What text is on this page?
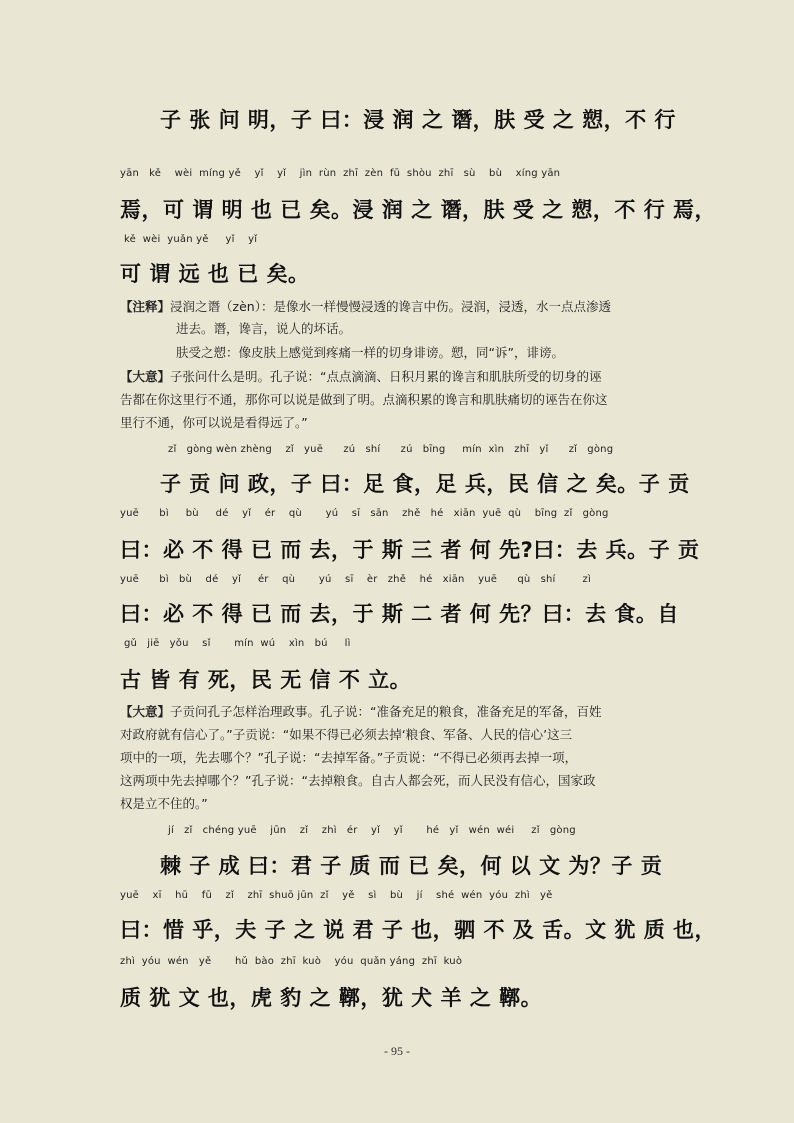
子 张 问 明，子 曰：浸 润 之 谮，肤 受 之 愬，不 行
yān   kě    wèi  míng yě    yǐ    yǐ    jìn  rùn  zhī  zèn  fū  shòu  zhī   sù    bù    xíng yān
焉，可 谓 明 也 已 矣。浸 润 之 谮，肤 受 之 愬，不 行 焉，
kě  wèi  yuǎn yě     yǐ    yǐ
可 谓 远 也 已 矣。
【注释】浸润之谮（zèn）：是像水一样慢慢浸透的谗言中伤。浸润，浸透，水一点点渗透
进去。谮，谗言，说人的坏话。
肤受之愬：像皮肤上感觉到疼痛一样的切身诽谤。愬，同“诉”，诽谤。
【大意】子张问什么是明。孔子说：“点点滴滴、日积月累的谗言和肌肤所受的切身的诬
告都在你这里行不通，那你可以说是做到了明。点滴积累的谗言和肌肤痛切的诬告在你这
里行不通，你可以说是看得远了。”
zǐ   gòng wèn zhèng    zǐ   yuē      zú   shí      zú   bīng     mín  xìn   zhī   yǐ      zǐ   gòng
子 贡 问 政，子 曰：足 食，足 兵，民 信 之 矣。子 贡
yuē      bì     bù     dé    yǐ    ér    qù       yú    sī   sān    zhě   hé   xiān  yuē  qù    bīng  zǐ   gòng
曰：必 不 得 已 而 去，于 斯 三 者 何 先?曰：去 兵。子 贡
yuē      bì   bù    dé    yǐ     ér    qù       yú    sī    èr   zhě    hé   xiān    yuē      qù   shí        zì
曰：必 不 得 已 而 去，于 斯 二 者 何 先？曰：去 食。自
gǔ   jiē   yǒu    sǐ       mín  wú    xìn   bú     lì
古 皆 有 死，民 无 信 不 立。
【大意】子贡问孔子怎样治理政事。孔子说：“准备充足的粮食，准备充足的军备，百姓
对政府就有信心了。”子贡说：“如果不得已必须去掉‘粮食、军备、人民的信心’这三
项中的一项，先去哪个？”孔子说：“去掉军备。”子贡说：“不得已必须再去掉一项，
这两项中先去掉哪个？”孔子说：“去掉粮食。自古人都会死，而人民没有信心，国家政
权是立不住的。”
jí   zǐ   chéng yuē    jūn    zǐ    zhì   ér    yǐ    yǐ       hé   yǐ   wén  wéi     zǐ   gòng
棘 子 成 曰：君 子 质 而 已 矣，何 以 文 为？子 贡
yuē    xī    hū    fū    zǐ    zhī  shuō jūn  zǐ    yě    sì    bù    jí    shé  wén  yóu  zhì   yě
曰：惜 乎，夫 子 之 说 君 子 也，驷 不 及 舌。文 犹 质 也，
zhì  yóu  wén   yě       hǔ  bào  zhī  kuò    yóu  quǎn yáng  zhī  kuò
质 犹 文 也，虎 豹 之 鞹，犹 犬 羊 之 鞹。
- 95 -
